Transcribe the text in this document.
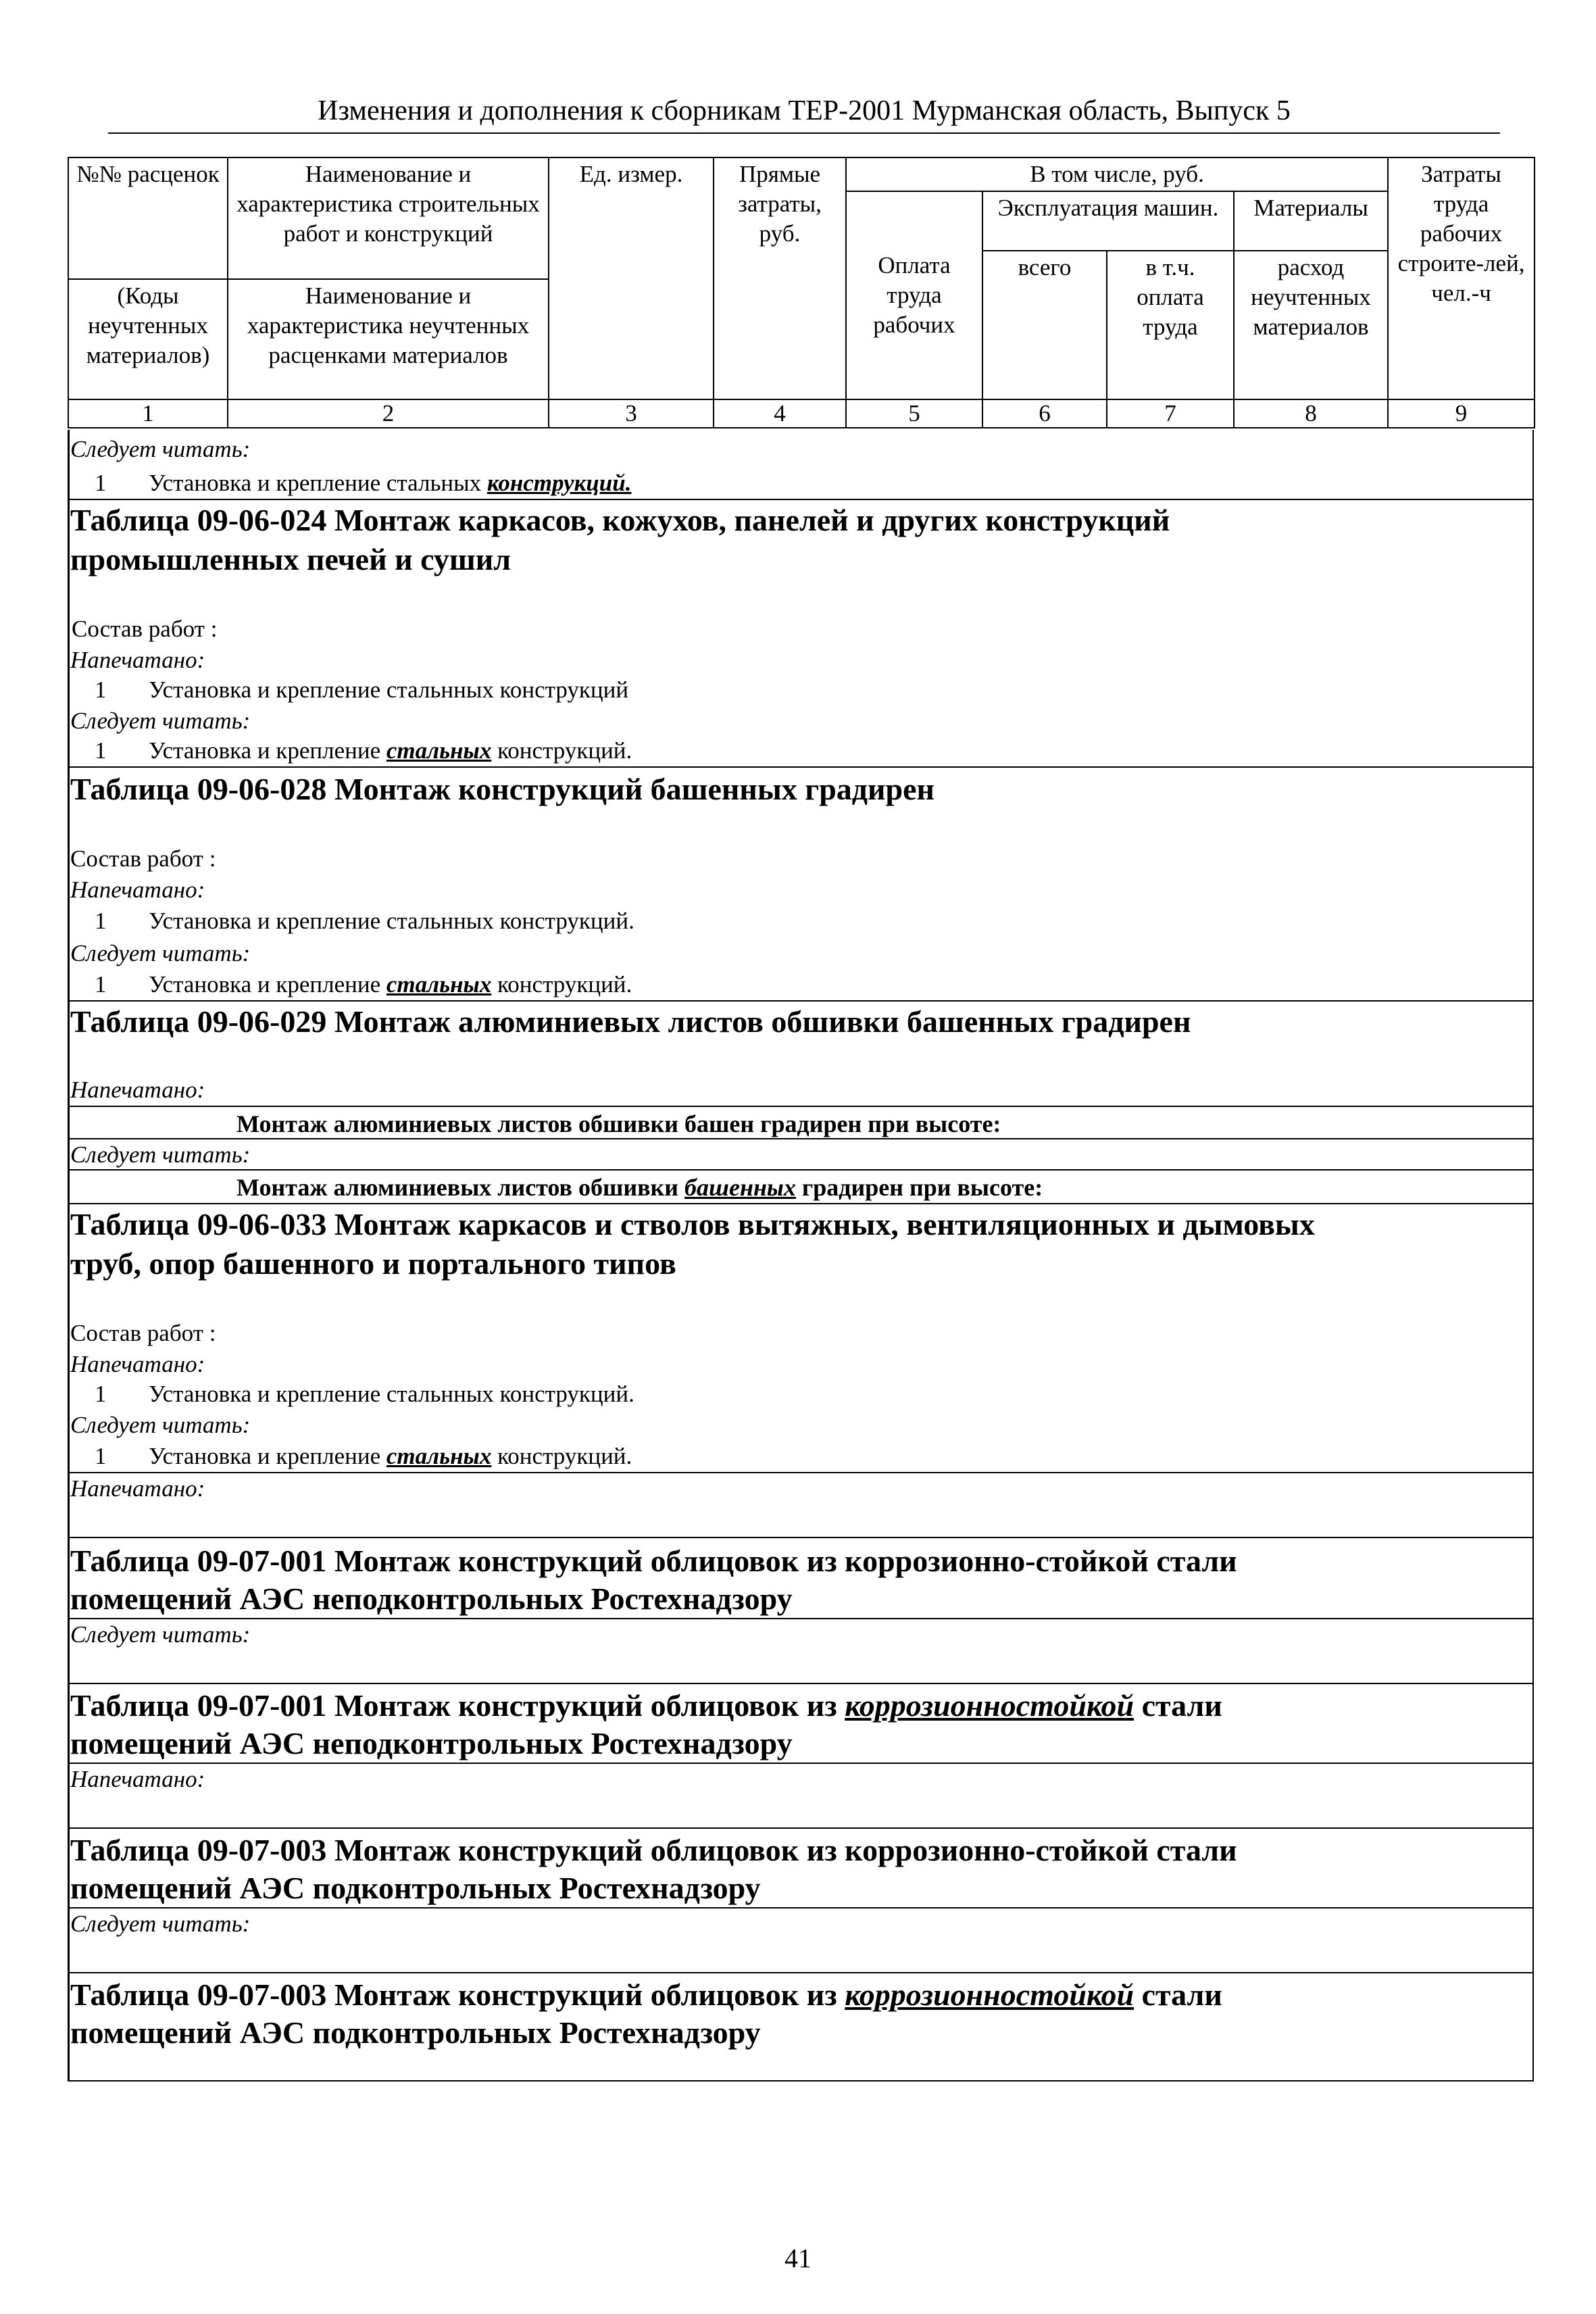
Изменения и дополнения к сборникам ТЕР-2001 Мурманская область, Выпуск 5
№№ расценок	Наименование и характеристика строительных работ и конструкций	Ед. измер.	Прямые затраты, руб.	В том числе, руб.				Затраты труда рабочих строите-лей, чел.-ч
				Оплата труда рабочих	Эксплуатация машин.		Материалы	
					всего	в т.ч. оплата труда	расход неучтенных материалов	
(Коды неучтенных материалов)	Наименование и характеристика неучтенных расценками материалов							
1	2	3	4	5	6	7	8	9
Следует читать:
1 Установка и крепление стальных конструкций.
Таблица 09-06-024 Монтаж каркасов, кожухов, панелей и других конструкций
промышленных печей и сушил
Состав работ :
Напечатано:
1 Установка и крепление стальнных конструкций
Следует читать:
1 Установка и крепление стальных конструкций.
Таблица 09-06-028 Монтаж конструкций башенных градирен
Состав работ :
Напечатано:
1 Установка и крепление стальнных конструкций.
Следует читать:
1 Установка и крепление стальных конструкций.
Таблица 09-06-029 Монтаж алюминиевых листов обшивки башенных градирен
Напечатано:
Монтаж алюминиевых листов обшивки башен градирен при высоте:
Следует читать:
Монтаж алюминиевых листов обшивки башенных градирен при высоте:
Таблица 09-06-033 Монтаж каркасов и стволов вытяжных, вентиляционных и дымовых
труб, опор башенного и портального типов
Состав работ :
Напечатано:
1 Установка и крепление стальнных конструкций.
Следует читать:
1 Установка и крепление стальных конструкций.
Напечатано:
Таблица 09-07-001 Монтаж конструкций облицовок из коррозионно-стойкой стали
помещений АЭС неподконтрольных Ростехнадзору
Следует читать:
Таблица 09-07-001 Монтаж конструкций облицовок из коррозионностойкой стали
помещений АЭС неподконтрольных Ростехнадзору
Напечатано:
Таблица 09-07-003 Монтаж конструкций облицовок из коррозионно-стойкой стали
помещений АЭС подконтрольных Ростехнадзору
Следует читать:
Таблица 09-07-003 Монтаж конструкций облицовок из коррозионностойкой стали
помещений АЭС подконтрольных Ростехнадзору
41
